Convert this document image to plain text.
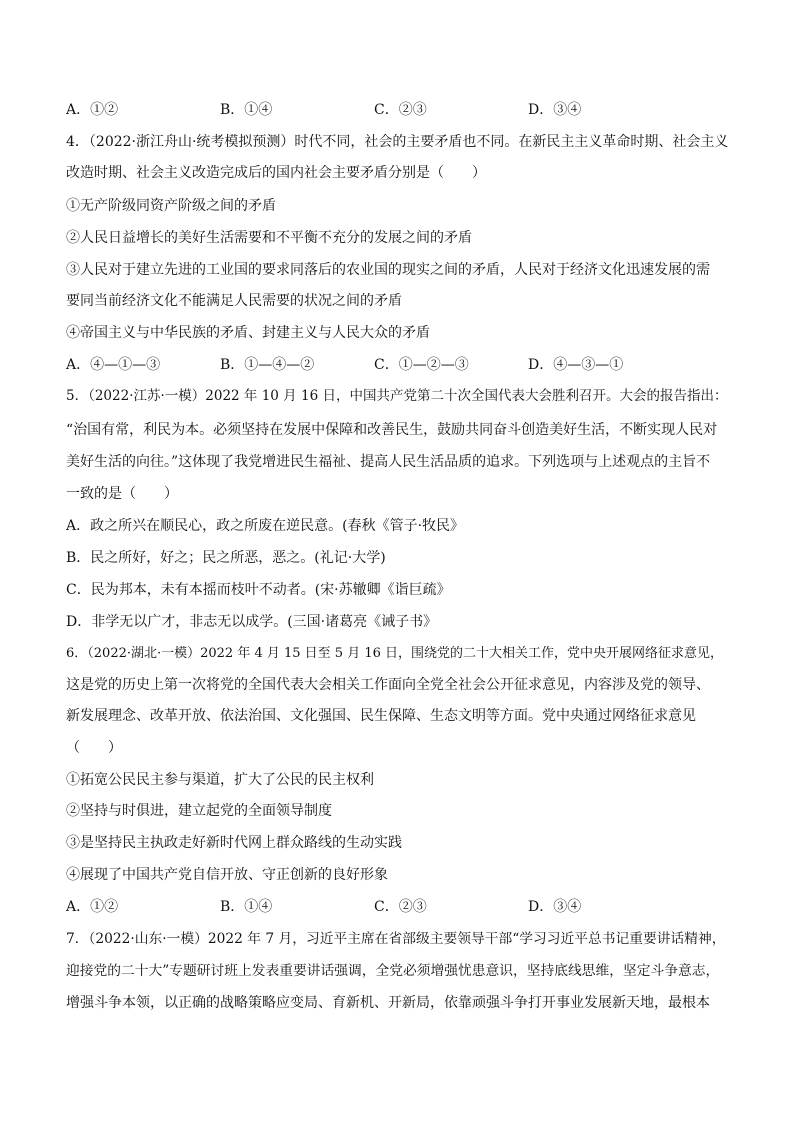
A．①②	B．①④	C．②③	D．③④
4．（2022·浙江舟山·统考模拟预测）时代不同，社会的主要矛盾也不同。在新民主主义革命时期、社会主义
改造时期、社会主义改造完成后的国内社会主要矛盾分别是（　　）
①无产阶级同资产阶级之间的矛盾
②人民日益增长的美好生活需要和不平衡不充分的发展之间的矛盾
③人民对于建立先进的工业国的要求同落后的农业国的现实之间的矛盾，人民对于经济文化迅速发展的需
要同当前经济文化不能满足人民需要的状况之间的矛盾
④帝国主义与中华民族的矛盾、封建主义与人民大众的矛盾
A．④—①—③	B．①—④—②	C．①—②—③	D．④—③—①
5．（2022·江苏·一模）2022 年 10 月 16 日，中国共产党第二十次全国代表大会胜利召开。大会的报告指出：
“治国有常，利民为本。必须坚持在发展中保障和改善民生，鼓励共同奋斗创造美好生活，不断实现人民对
美好生活的向往。”这体现了我党增进民生福祉、提高人民生活品质的追求。下列选项与上述观点的主旨不
一致的是（　　）
A．政之所兴在顺民心，政之所废在逆民意。(春秋《管子·牧民》
B．民之所好，好之；民之所恶，恶之。(礼记·大学)
C．民为邦本，未有本摇而枝叶不动者。(宋·苏辙卿《诣巨疏》
D．非学无以广才，非志无以成学。(三国·诸葛亮《诫子书》
6．（2022·湖北·一模）2022 年 4 月 15 日至 5 月 16 日，围绕党的二十大相关工作，党中央开展网络征求意见，
这是党的历史上第一次将党的全国代表大会相关工作面向全党全社会公开征求意见，内容涉及党的领导、
新发展理念、改革开放、依法治国、文化强国、民生保障、生态文明等方面。党中央通过网络征求意见
（　　）
①拓宽公民民主参与渠道，扩大了公民的民主权利
②坚持与时俱进，建立起党的全面领导制度
③是坚持民主执政走好新时代网上群众路线的生动实践
④展现了中国共产党自信开放、守正创新的良好形象
A．①②	B．①④	C．②③	D．③④
7．（2022·山东·一模）2022 年 7 月，习近平主席在省部级主要领导干部“学习习近平总书记重要讲话精神，
迎接党的二十大”专题研讨班上发表重要讲话强调，全党必须增强忧患意识，坚持底线思维，坚定斗争意志，
增强斗争本领，以正确的战略策略应变局、育新机、开新局，依靠顽强斗争打开事业发展新天地，最根本
